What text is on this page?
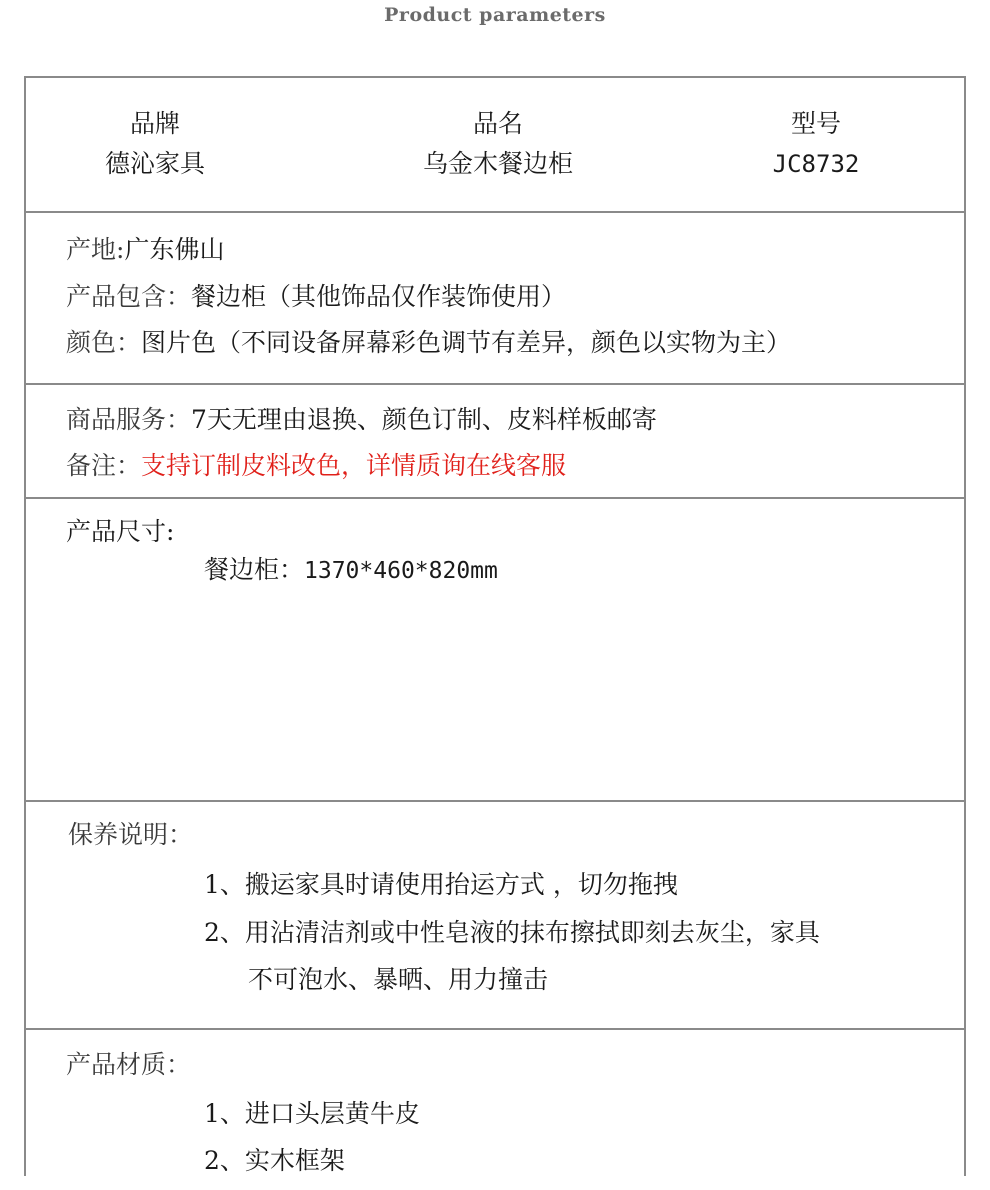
Product parameters
品牌
德沁家具
品名
乌金木餐边柜
型号
JC8732
产地:广东佛山
产品包含：餐边柜（其他饰品仅作装饰使用）
颜色：图片色（不同设备屏幕彩色调节有差异，颜色以实物为主）
商品服务：7天无理由退换、颜色订制、皮料样板邮寄
备注：支持订制皮料改色，详情质询在线客服
产品尺寸:
餐边柜：1370*460*820mm
保养说明：
1、搬运家具时请使用抬运方式 ，切勿拖拽
2、用沾清洁剂或中性皂液的抹布擦拭即刻去灰尘，家具
不可泡水、暴晒、用力撞击
产品材质：
1、进口头层黄牛皮
2、实木框架
